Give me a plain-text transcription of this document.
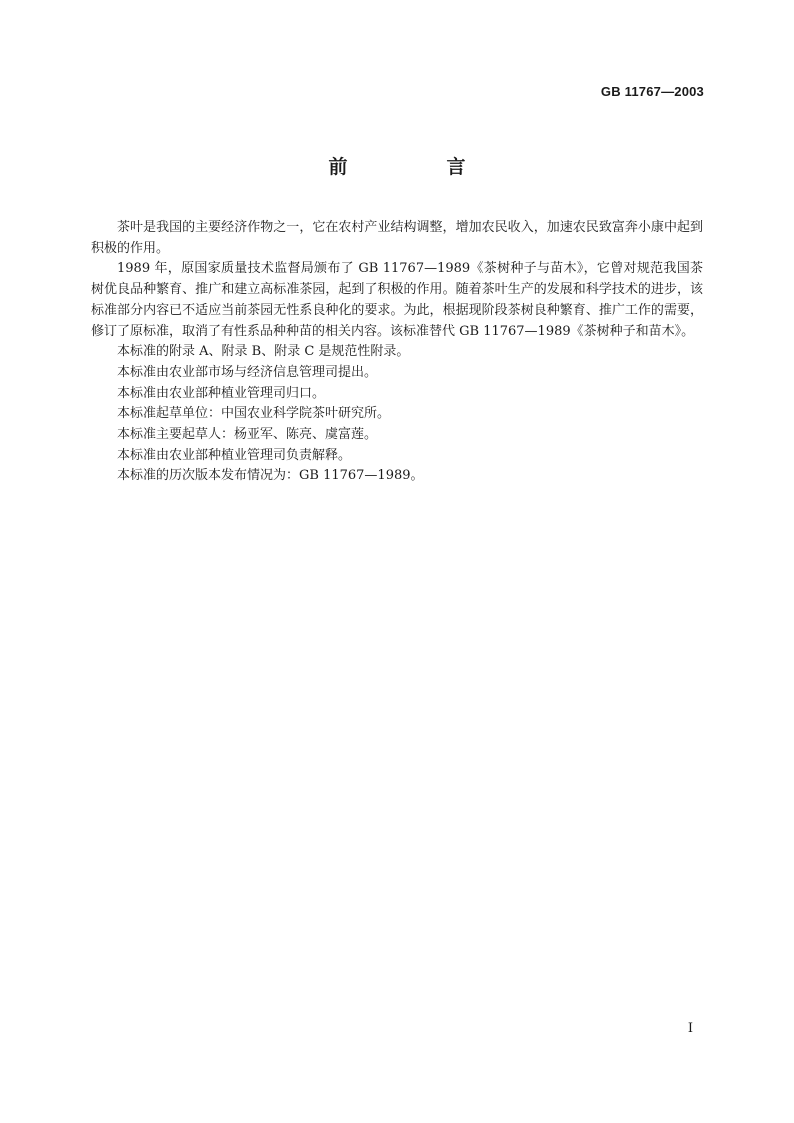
GB 11767—2003
前　言

茶叶是我国的主要经济作物之一，它在农村产业结构调整，增加农民收入，加速农民致富奔小康中起到积极的作用。

1989 年，原国家质量技术监督局颁布了 GB 11767—1989《茶树种子与苗木》，它曾对规范我国茶树优良品种繁育、推广和建立高标准茶园，起到了积极的作用。随着茶叶生产的发展和科学技术的进步，该标准部分内容已不适应当前茶园无性系良种化的要求。为此，根据现阶段茶树良种繁育、推广工作的需要，修订了原标准，取消了有性系品种种苗的相关内容。该标准替代 GB 11767—1989《茶树种子和苗木》。

本标准的附录 A、附录 B、附录 C 是规范性附录。

本标准由农业部市场与经济信息管理司提出。

本标准由农业部种植业管理司归口。

本标准起草单位：中国农业科学院茶叶研究所。

本标准主要起草人：杨亚军、陈亮、虞富莲。

本标准由农业部种植业管理司负责解释。

本标准的历次版本发布情况为：GB 11767—1989。

I
